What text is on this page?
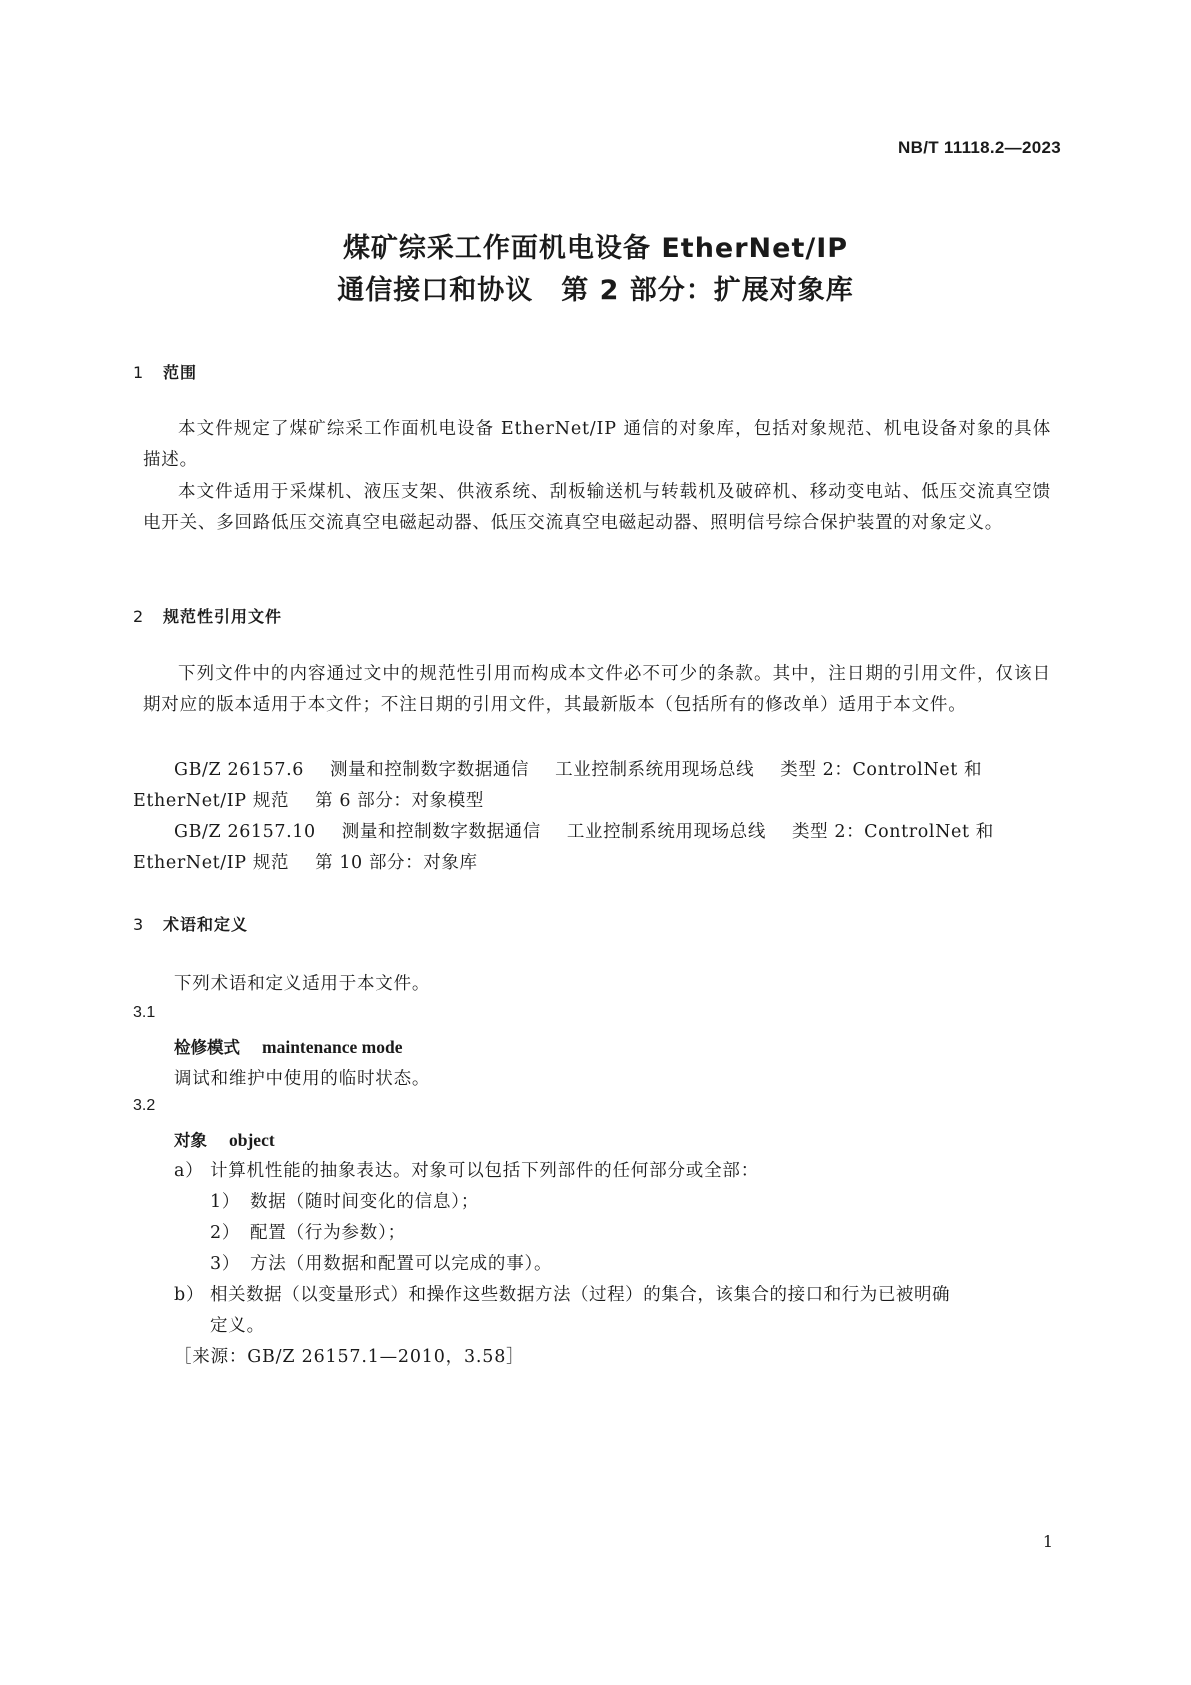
NB/T 11118.2—2023
煤矿综采工作面机电设备 EtherNet/IP
通信接口和协议　第 2 部分：扩展对象库
1 范围
本文件规定了煤矿综采工作面机电设备 EtherNet/IP 通信的对象库，包括对象规范、机电设备对象的具体描述。
本文件适用于采煤机、液压支架、供液系统、刮板输送机与转载机及破碎机、移动变电站、低压交流真空馈电开关、多回路低压交流真空电磁起动器、低压交流真空电磁起动器、照明信号综合保护装置的对象定义。
2 规范性引用文件
下列文件中的内容通过文中的规范性引用而构成本文件必不可少的条款。其中，注日期的引用文件，仅该日期对应的版本适用于本文件；不注日期的引用文件，其最新版本（包括所有的修改单）适用于本文件。
GB/Z 26157.6 测量和控制数字数据通信 工业控制系统用现场总线 类型 2：ControlNet 和
EtherNet/IP 规范 第 6 部分：对象模型
GB/Z 26157.10 测量和控制数字数据通信 工业控制系统用现场总线 类型 2：ControlNet 和
EtherNet/IP 规范 第 10 部分：对象库
3 术语和定义
下列术语和定义适用于本文件。
3.1
检修模式 maintenance mode
调试和维护中使用的临时状态。
3.2
对象 object
a） 计算机性能的抽象表达。对象可以包括下列部件的任何部分或全部：
1） 数据（随时间变化的信息）；
2） 配置（行为参数）；
3） 方法（用数据和配置可以完成的事）。
b） 相关数据（以变量形式）和操作这些数据方法（过程）的集合，该集合的接口和行为已被明确
定义。
［来源：GB/Z 26157.1—2010，3.58］
1
